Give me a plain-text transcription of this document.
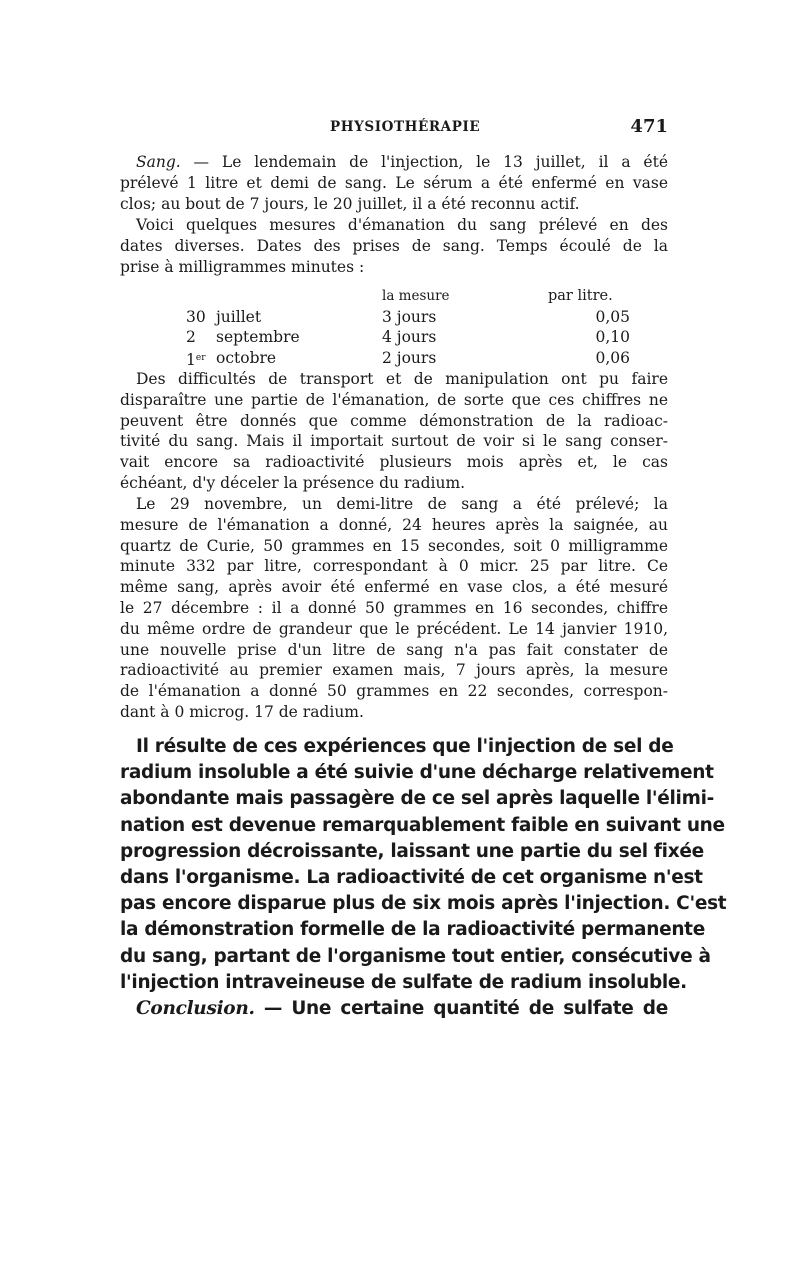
PHYSIOTHÉRAPIE	471
Sang. — Le lendemain de l'injection, le 13 juillet, il a été
prélevé 1 litre et demi de sang. Le sérum a été enfermé en vase
clos; au bout de 7 jours, le 20 juillet, il a été reconnu actif.
Voici quelques mesures d'émanation du sang prélevé en des
dates diverses. Dates des prises de sang. Temps écoulé de la
prise à milligrammes minutes :
la mesure	par litre.
30 juillet	3 jours	0,05
2 septembre	4 jours	0,10
1er octobre	2 jours	0,06
Des difficultés de transport et de manipulation ont pu faire
disparaître une partie de l'émanation, de sorte que ces chiffres ne
peuvent être donnés que comme démonstration de la radioac-
tivité du sang. Mais il importait surtout de voir si le sang conser-
vait encore sa radioactivité plusieurs mois après et, le cas
échéant, d'y déceler la présence du radium.
Le 29 novembre, un demi-litre de sang a été prélevé; la
mesure de l'émanation a donné, 24 heures après la saignée, au
quartz de Curie, 50 grammes en 15 secondes, soit 0 milligramme
minute 332 par litre, correspondant à 0 micr. 25 par litre. Ce
même sang, après avoir été enfermé en vase clos, a été mesuré
le 27 décembre : il a donné 50 grammes en 16 secondes, chiffre
du même ordre de grandeur que le précédent. Le 14 janvier 1910,
une nouvelle prise d'un litre de sang n'a pas fait constater de
radioactivité au premier examen mais, 7 jours après, la mesure
de l'émanation a donné 50 grammes en 22 secondes, correspon-
dant à 0 microg. 17 de radium.
Il résulte de ces expériences que l'injection de sel de
radium insoluble a été suivie d'une décharge relativement
abondante mais passagère de ce sel après laquelle l'élimi-
nation est devenue remarquablement faible en suivant une
progression décroissante, laissant une partie du sel fixée
dans l'organisme. La radioactivité de cet organisme n'est
pas encore disparue plus de six mois après l'injection. C'est
la démonstration formelle de la radioactivité permanente
du sang, partant de l'organisme tout entier, consécutive à
l'injection intraveineuse de sulfate de radium insoluble.
Conclusion. — Une certaine quantité de sulfate de
